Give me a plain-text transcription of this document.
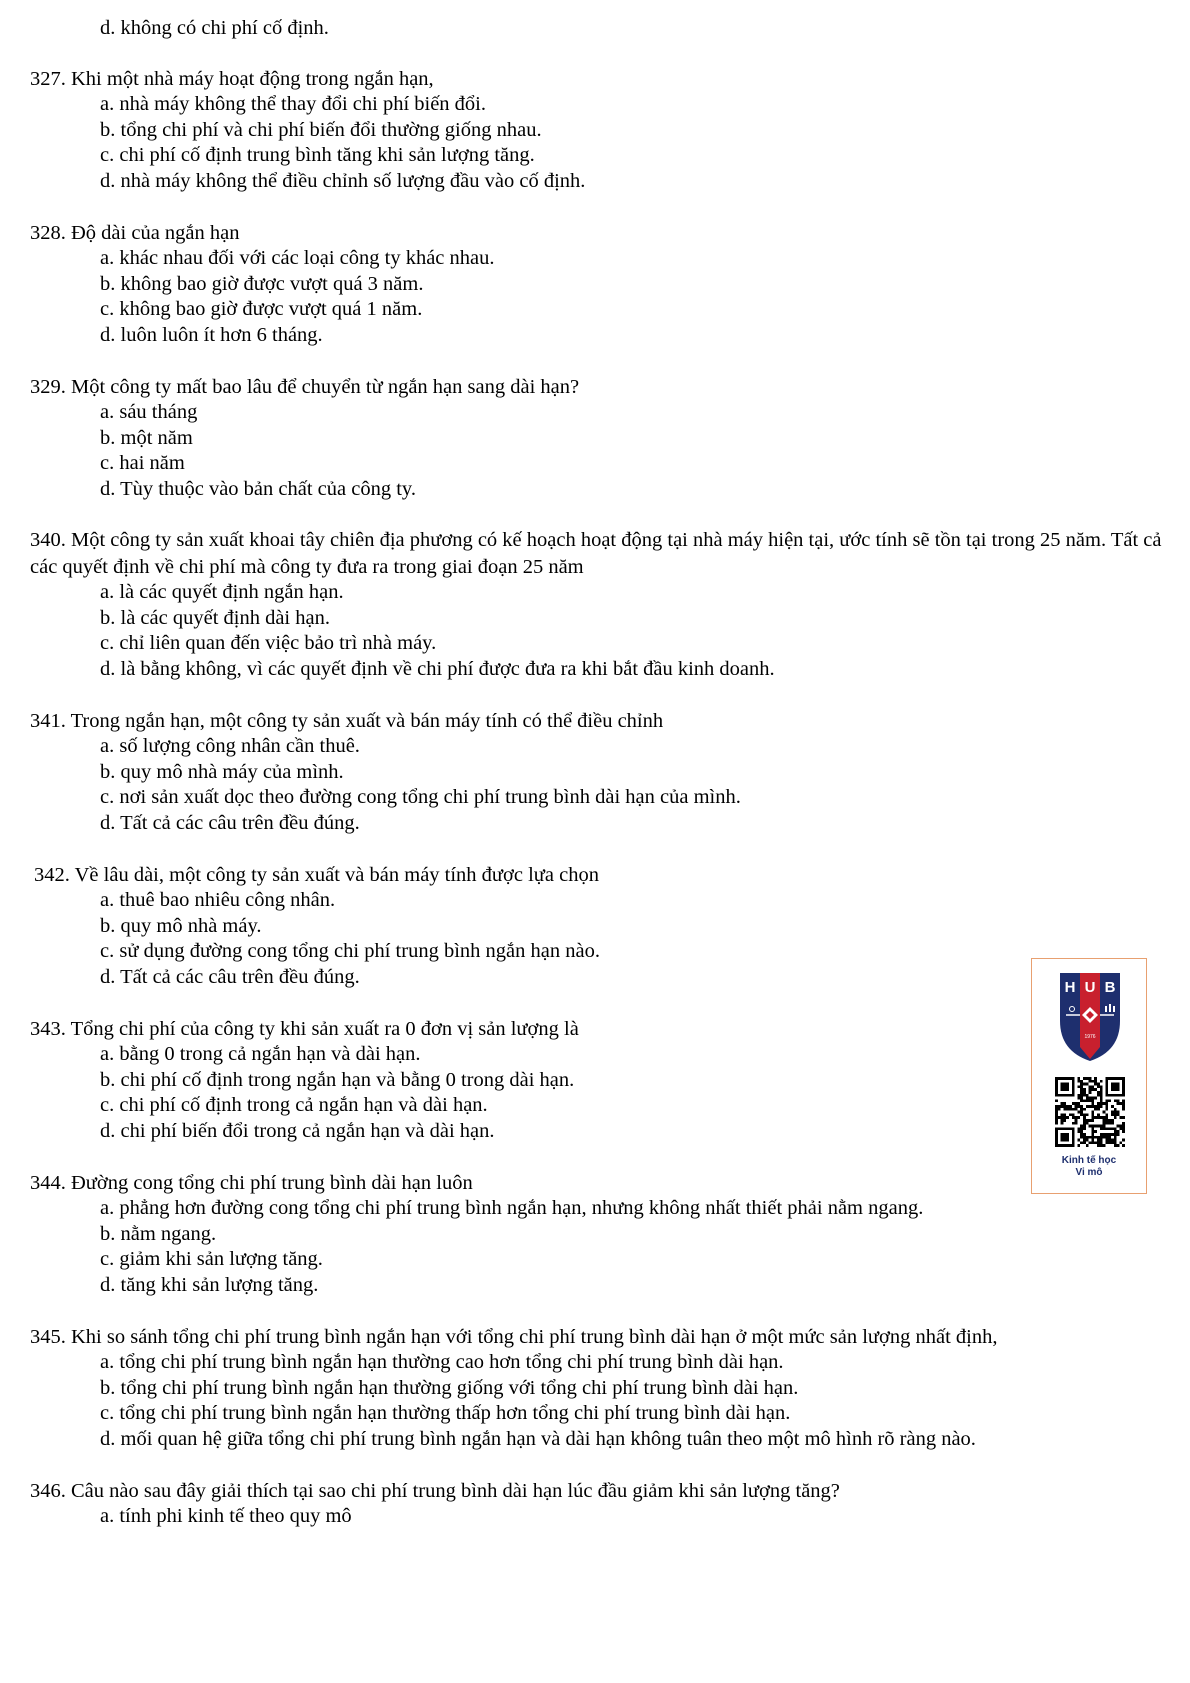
d. không có chi phí cố định.
327. Khi một nhà máy hoạt động trong ngắn hạn,
a. nhà máy không thể thay đổi chi phí biến đổi.
b. tổng chi phí và chi phí biến đổi thường giống nhau.
c. chi phí cố định trung bình tăng khi sản lượng tăng.
d. nhà máy không thể điều chỉnh số lượng đầu vào cố định.
328. Độ dài của ngắn hạn
a. khác nhau đối với các loại công ty khác nhau.
b. không bao giờ được vượt quá 3 năm.
c. không bao giờ được vượt quá 1 năm.
d. luôn luôn ít hơn 6 tháng.
329. Một công ty mất bao lâu để chuyển từ ngắn hạn sang dài hạn?
a. sáu tháng
b. một năm
c. hai năm
d. Tùy thuộc vào bản chất của công ty.
340. Một công ty sản xuất khoai tây chiên địa phương có kế hoạch hoạt động tại nhà máy hiện tại, ước tính sẽ tồn tại trong 25 năm. Tất cả các quyết định về chi phí mà công ty đưa ra trong giai đoạn 25 năm
a. là các quyết định ngắn hạn.
b. là các quyết định dài hạn.
c. chỉ liên quan đến việc bảo trì nhà máy.
d. là bằng không, vì các quyết định về chi phí được đưa ra khi bắt đầu kinh doanh.
341. Trong ngắn hạn, một công ty sản xuất và bán máy tính có thể điều chỉnh
a. số lượng công nhân cần thuê.
b. quy mô nhà máy của mình.
c. nơi sản xuất dọc theo đường cong tổng chi phí trung bình dài hạn của mình.
d. Tất cả các câu trên đều đúng.
342. Về lâu dài, một công ty sản xuất và bán máy tính được lựa chọn
a. thuê bao nhiêu công nhân.
b. quy mô nhà máy.
c. sử dụng đường cong tổng chi phí trung bình ngắn hạn nào.
d. Tất cả các câu trên đều đúng.
343. Tổng chi phí của công ty khi sản xuất ra 0 đơn vị sản lượng là
a. bằng 0 trong cả ngắn hạn và dài hạn.
b. chi phí cố định trong ngắn hạn và bằng 0 trong dài hạn.
c. chi phí cố định trong cả ngắn hạn và dài hạn.
d. chi phí biến đổi trong cả ngắn hạn và dài hạn.
344. Đường cong tổng chi phí trung bình dài hạn luôn
a. phẳng hơn đường cong tổng chi phí trung bình ngắn hạn, nhưng không nhất thiết phải nằm ngang.
b. nằm ngang.
c. giảm khi sản lượng tăng.
d. tăng khi sản lượng tăng.
345. Khi so sánh tổng chi phí trung bình ngắn hạn với tổng chi phí trung bình dài hạn ở một mức sản lượng nhất định,
a. tổng chi phí trung bình ngắn hạn thường cao hơn tổng chi phí trung bình dài hạn.
b. tổng chi phí trung bình ngắn hạn thường giống với tổng chi phí trung bình dài hạn.
c. tổng chi phí trung bình ngắn hạn thường thấp hơn tổng chi phí trung bình dài hạn.
d. mối quan hệ giữa tổng chi phí trung bình ngắn hạn và dài hạn không tuân theo một mô hình rõ ràng nào.
346. Câu nào sau đây giải thích tại sao chi phí trung bình dài hạn lúc đầu giảm khi sản lượng tăng?
a. tính phi kinh tế theo quy mô
H U B
1976
Kinh tế học
Vi mô
